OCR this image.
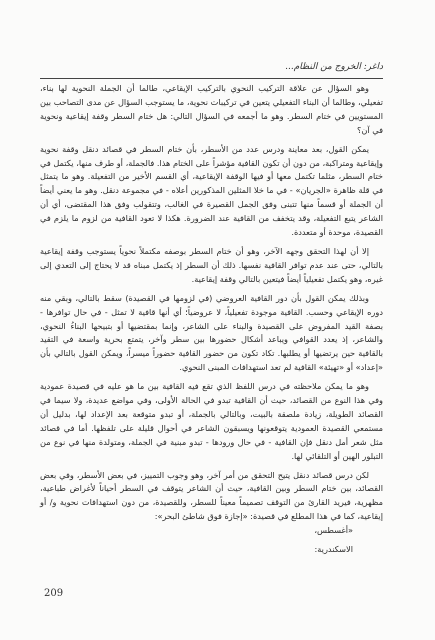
داغر: الخروج من النظام...

وهو السؤال عن علاقة التركيب النحوي بالتركيب الإيقاعي، طالما أن الجملة النحوية لها بناء، تفعيلي، وطالما أن البناء التفعيلي يتعين في تركيبات نحوية، ما يستوجب السؤال عن مدى التصاحب بين المستويين في ختام السطر. وهو ما أجمعه في السؤال التالي: هل ختام السطر وقفة إيقاعية ونحوية في آن؟

يمكن القول، بعد معاينة ودرس عدد من الأسطر، بأن ختام السطر في قصائد دنقل وقفة نحوية وإيقاعية ومتراكبة، من دون أن تكون القافية مؤشراً على الختام هذا. فالجملة، أو طرف منها، يكتمل في ختام السطر، مثلما تكتمل معها أو فيها الوقفة الإيقاعية، أي القسم الأخير من التفعيلة. وهو ما يتمثل في قلة ظاهرة «الجريان» - في ما خلا المثلين المذكورين أعلاه - في مجموعة دنقل. وهو ما يعني أيضاً أن الجملة أو قسماً منها تتبنى وفق الجمل القصيرة في الغالب، وتتقولب وفق هذا المقتضى، أي أن الشاعر يتبع التفعيلة، وقد يتخفف من القافية عند الضرورة. هكذا لا تعود القافية من لزوم ما يلزم في القصيدة، موحدة أو متعددة.

إلا أن لهذا التحقق وجهه الآخر، وهو أن ختام السطر بوصفه مكتملاً نحوياً يستوجب وقفة إيقاعية بالتالي، حتى عند عدم توافر القافية نفسها. ذلك أن السطر إذ يكتمل مبناه قد لا يحتاج إلى التعدي إلى غيره، وهو يكتمل تفعيلياً أيضاً فيتعين بالتالي وقفة إيقاعية.

وبذلك يمكن القول بأن دور القافية العروضي (في لزومها في القصيدة) سقط بالتالي، وبقي منه دوره الإيقاعي وحسب. القافية موجودة تفعيلياً، لا عروضياً؛ أي أنها قافية لا تمثل - في حال توافرها - بصفة القيد المفروض على القصيدة والبناء على الشاعر، وإنما بمقتضيها أو بتبيحها البناءُ النحوي، والشاعر، إذ يعدد القوافي ويباعد أشكال حضورها بين سطر وآخر، يتمتع بحرية واسعة في التقيد بالقافية حين يرتضيها أو يطلبها. تكاد تكون من حضور القافية حضوراً ميسراً، ويمكن القول بالتالي بأن «إعداد» أو «تهيئة» القافية لم تعد استهدافات المبنى النحوي.

وهو ما يمكن ملاحظته في درس اللفظ الذي تقع فيه القافية بين ما هو عليه في قصيدة عمودية وفي هذا النوع من القصائد، حيث أن القافية تبدو في الحالة الأولى، وفي مواضع عديدة، ولا سيما في القصائد الطويلة، زيادة ملصقة بالبيت، وبالتالي بالجملة، أو تبدو متوقعة بعد الإعداد لها، بدليل أن مستمعي القصيدة العمودية يتوقعونها ويسبقون الشاعر في أحوال قليلة على تلفظها. أما في قصائد مثل شعر أمل دنقل فإن القافية - في حال ورودها - تبدو مبنية في الجملة، ومتولدة منها في نوع من التبلور الهين أو التلقائي لها.

لكن درس قصائد دنقل يتيح التحقق من أمر آخر، وهو وجوب التمييز، في بعض الأسطر، وفي بعض القصائد، بين ختام السطر وبين القافية، حيث أن الشاعر يتوقف في السطر أحياناً لأغراض طباعية، مظهرية، فيريد القارئ من التوقف تصميماً معيناً للسطر، وللقصيدة، من دون استهدافات نحوية و/ أو إيقاعية، كما في هذا المطلع في قصيدة: «إجازة فوق شاطئ البحر»:

«أغسطس،

الاسكندرية:

209
